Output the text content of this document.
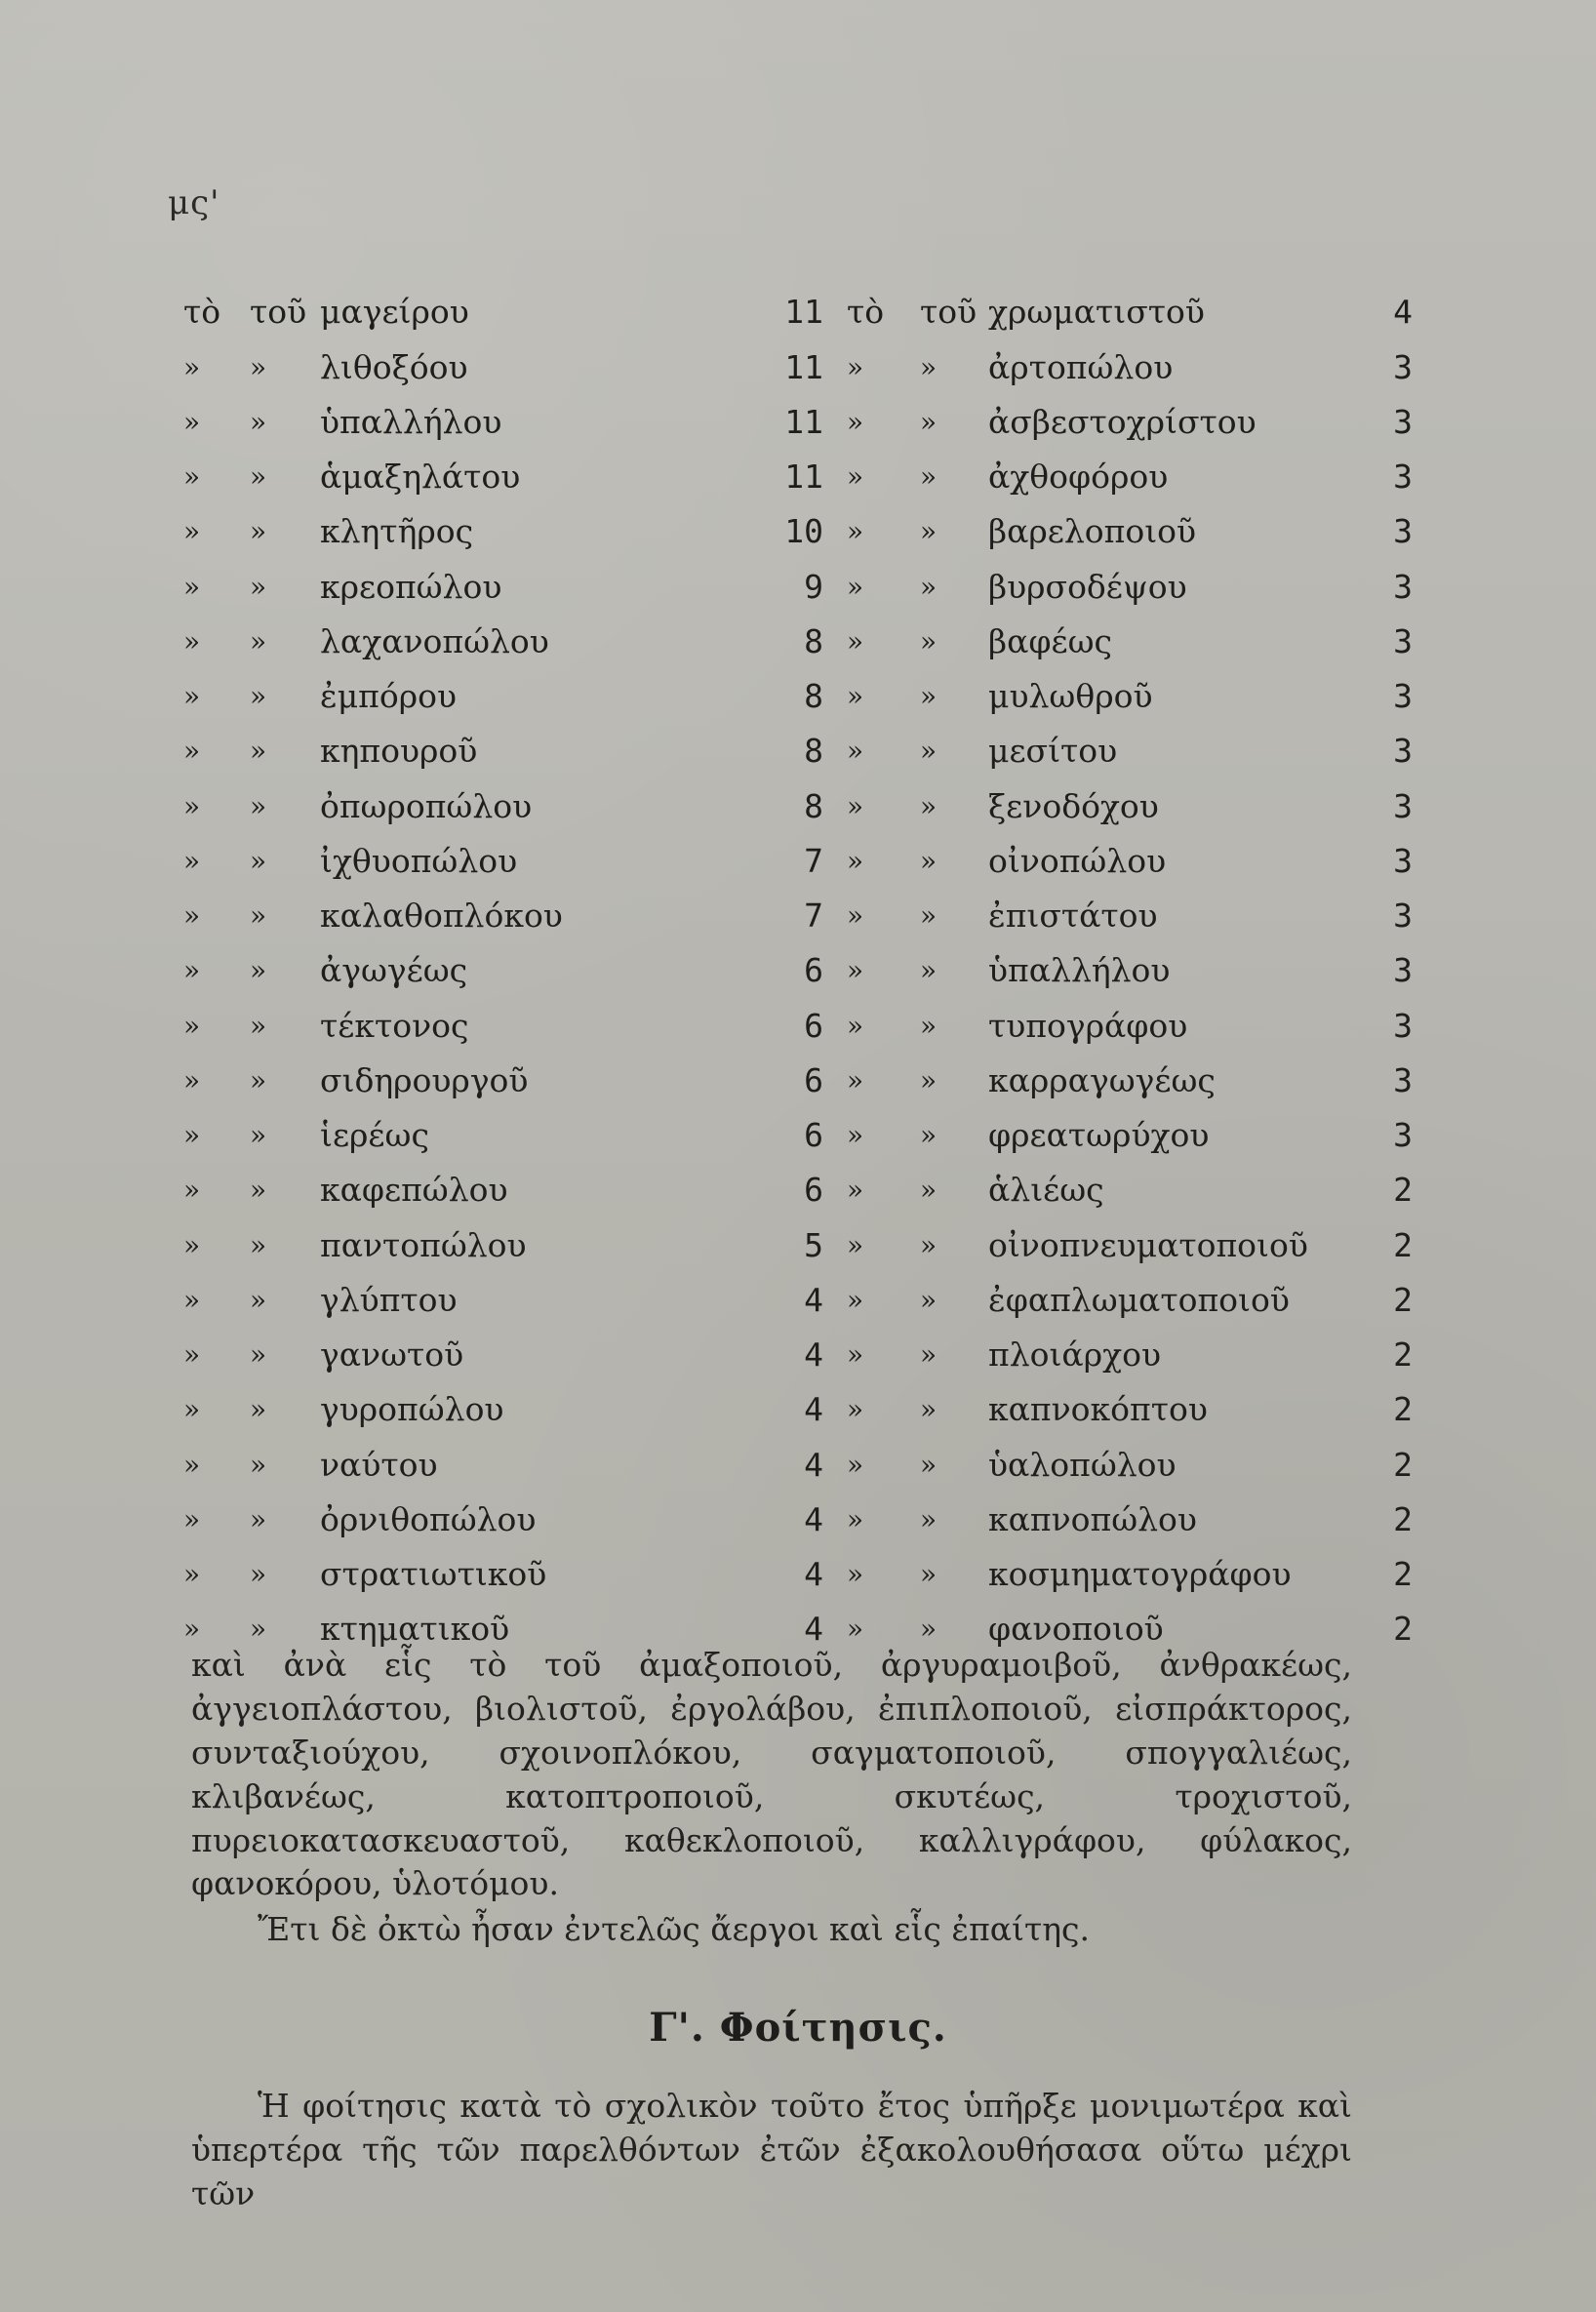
μς'
τὸ τοῦ μαγείρου	11 τὸ	τοῦ χρωματιστοῦ	4
»	»	λιθοξόου	11 »	»	ἀρτοπώλου	3
»	»	ὑπαλλήλου	11 »	»	ἀσβεστοχρίστου	3
»	»	ἁμαξηλάτου	11 »	»	ἀχθοφόρου	3
»	»	κλητῆρος	10 »	»	βαρελοποιοῦ	3
»	»	κρεοπώλου	9 »	»	βυρσοδέψου	3
»	»	λαχανοπώλου	8 »	»	βαφέως	3
»	»	ἐμπόρου	8 »	»	μυλωθροῦ	3
»	»	κηπουροῦ	8 »	»	μεσίτου	3
»	»	ὀπωροπώλου	8 »	»	ξενοδόχου	3
»	»	ἰχθυοπώλου	7 »	»	οἰνοπώλου	3
»	»	καλαθοπλόκου	7 »	»	ἐπιστάτου	3
»	»	ἀγωγέως	6 »	»	ὑπαλλήλου	3
»	»	τέκτονος	6 »	»	τυπογράφου	3
»	»	σιδηρουργοῦ	6 »	»	καρραγωγέως	3
»	»	ἱερέως	6 »	»	φρεατωρύχου	3
»	»	καφεπώλου	6 »	»	ἁλιέως	2
»	»	παντοπώλου	5 »	»	οἰνοπνευματοποιοῦ	2
»	»	γλύπτου	4 »	»	ἐφαπλωματοποιοῦ	2
»	»	γανωτοῦ	4 »	»	πλοιάρχου	2
»	»	γυροπώλου	4 »	»	καπνοκόπτου	2
»	»	ναύτου	4 »	»	ὑαλοπώλου	2
»	»	ὀρνιθοπώλου	4 »	»	καπνοπώλου	2
»	»	στρατιωτικοῦ	4 »	»	κοσμηματογράφου	2
»	»	κτηματικοῦ	4 »	»	φανοποιοῦ	2
καὶ ἀνὰ εἷς τὸ τοῦ ἀμαξοποιοῦ, ἀργυραμοιβοῦ, ἀνθρακέως, ἀγγειοπλάστου, βιολιστοῦ, ἐργολάβου, ἐπιπλοποιοῦ, εἰσπράκτορος, συνταξιούχου, σχοινοπλόκου, σαγματοποιοῦ, σπογγαλιέως, κλιβανέως, κατοπτροποιοῦ, σκυτέως, τροχιστοῦ, πυρειοκατασκευαστοῦ, καθεκλοποιοῦ, καλλιγράφου, φύλακος, φανοκόρου, ὑλοτόμου.
Ἔτι δὲ ὀκτὼ ἦσαν ἐντελῶς ἄεργοι καὶ εἷς ἐπαίτης.
Γ'. Φοίτησις.
Ἡ φοίτησις κατὰ τὸ σχολικὸν τοῦτο ἔτος ὑπῆρξε μονιμωτέρα καὶ ὑπερτέρα τῆς τῶν παρελθόντων ἐτῶν ἐξακολουθήσασα οὕτω μέχρι τῶν
